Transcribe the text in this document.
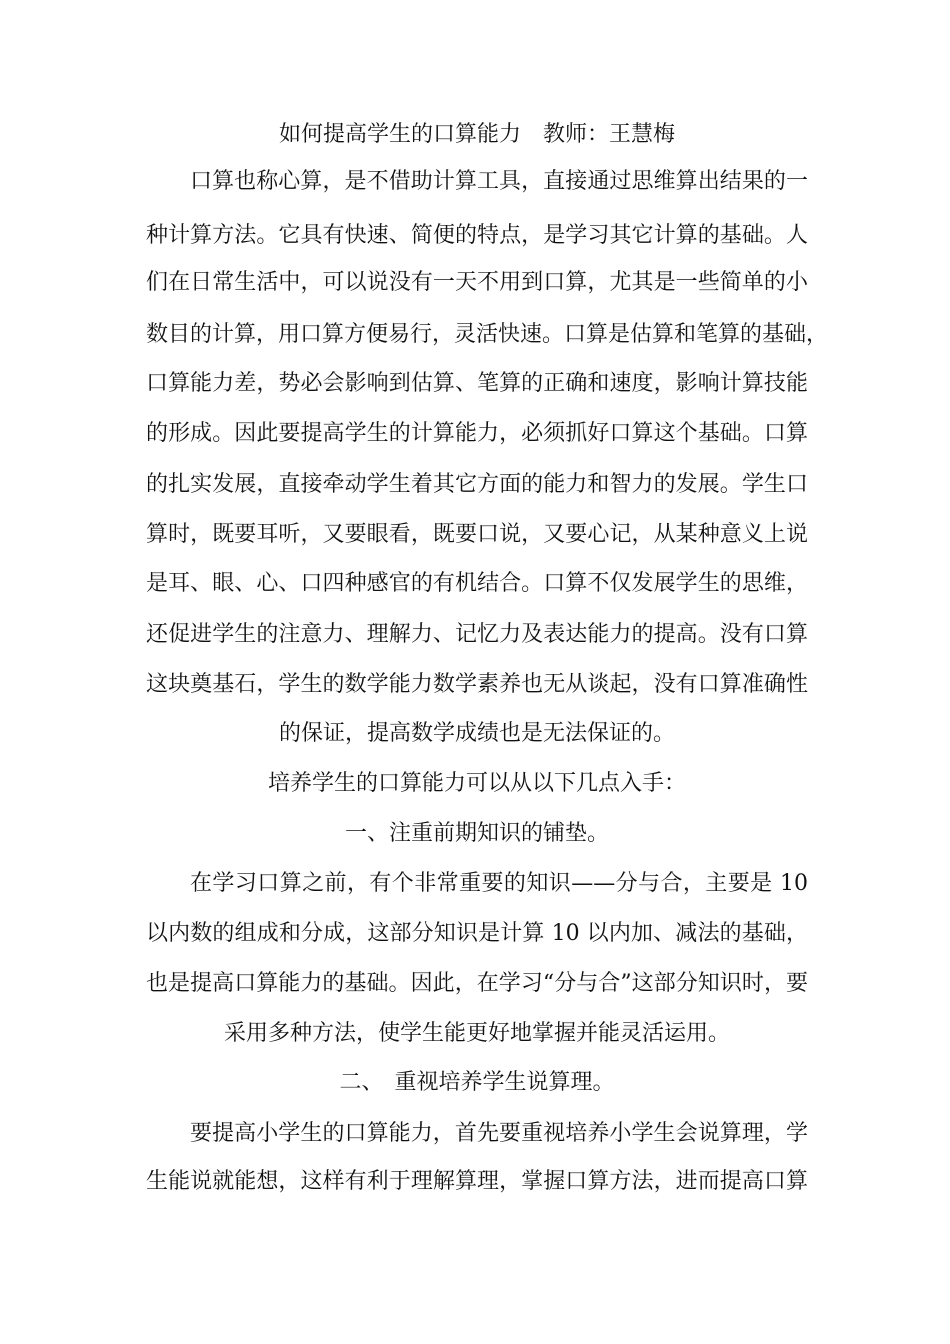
如何提高学生的口算能力　教师：王慧梅
口算也称心算，是不借助计算工具，直接通过思维算出结果的一
种计算方法。它具有快速、简便的特点，是学习其它计算的基础。人
们在日常生活中，可以说没有一天不用到口算，尤其是一些简单的小
数目的计算，用口算方便易行，灵活快速。口算是估算和笔算的基础，
口算能力差，势必会影响到估算、笔算的正确和速度，影响计算技能
的形成。因此要提高学生的计算能力，必须抓好口算这个基础。口算
的扎实发展，直接牵动学生着其它方面的能力和智力的发展。学生口
算时，既要耳听，又要眼看，既要口说，又要心记，从某种意义上说
是耳、眼、心、口四种感官的有机结合。口算不仅发展学生的思维，
还促进学生的注意力、理解力、记忆力及表达能力的提高。没有口算
这块奠基石，学生的数学能力数学素养也无从谈起，没有口算准确性
的保证，提高数学成绩也是无法保证的。
培养学生的口算能力可以从以下几点入手：
一、注重前期知识的铺垫。
在学习口算之前，有个非常重要的知识——分与合，主要是 10
以内数的组成和分成，这部分知识是计算 10 以内加、减法的基础，
也是提高口算能力的基础。因此，在学习“分与合”这部分知识时，要
采用多种方法，使学生能更好地掌握并能灵活运用。
二、　重视培养学生说算理。
要提高小学生的口算能力，首先要重视培养小学生会说算理，学
生能说就能想，这样有利于理解算理，掌握口算方法，进而提高口算
